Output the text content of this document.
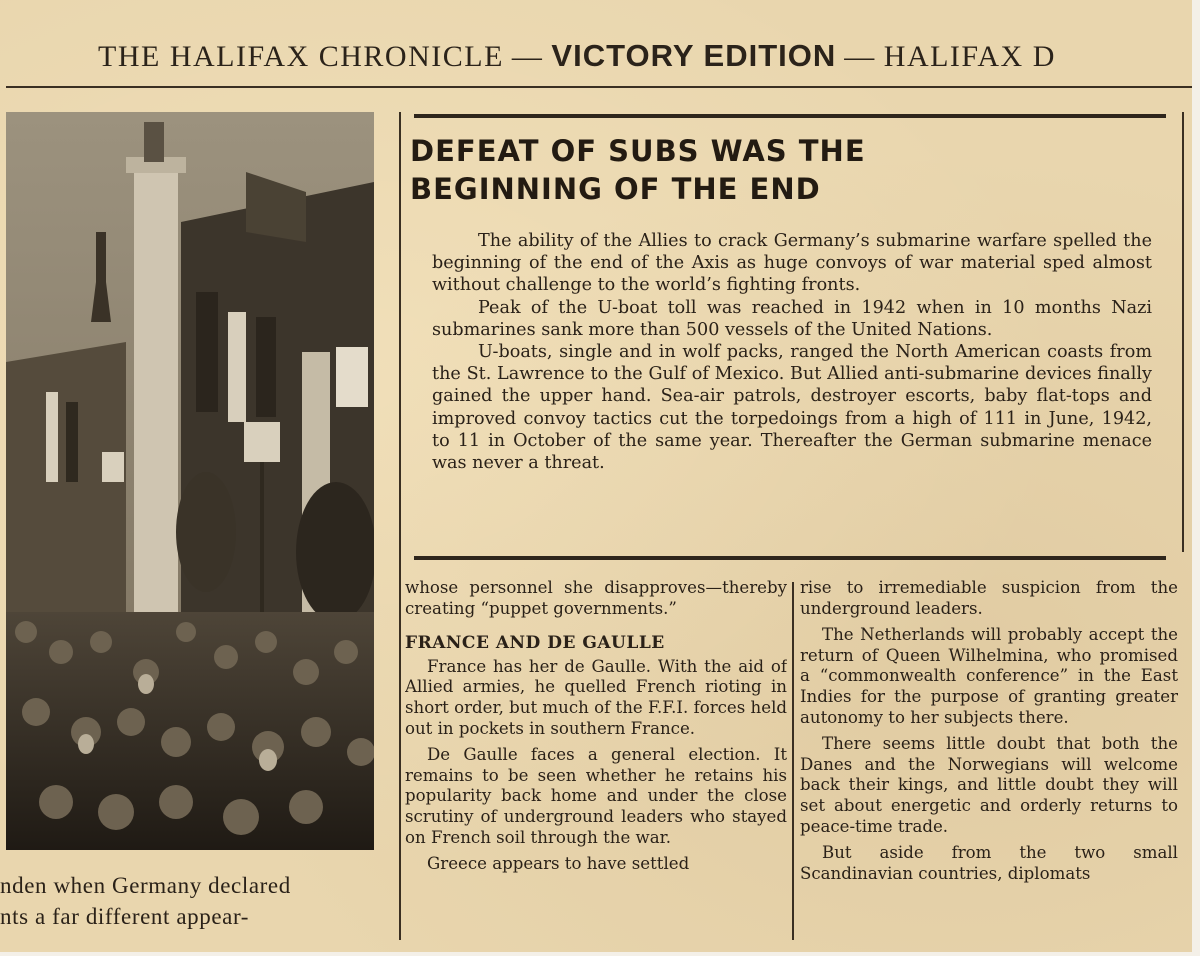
THE HALIFAX CHRONICLE — VICTORY EDITION — HALIFAX D
nden when Germany declared
nts a far different appear-
DEFEAT OF SUBS WAS THE
BEGINNING OF THE END

The ability of the Allies to crack Germany’s submarine warfare spelled the beginning of the end of the Axis as huge convoys of war material sped almost without challenge to the world’s fighting fronts.

Peak of the U-boat toll was reached in 1942 when in 10 months Nazi submarines sank more than 500 vessels of the United Nations.

U-boats, single and in wolf packs, ranged the North American coasts from the St. Lawrence to the Gulf of Mexico. But Allied anti-submarine devices finally gained the upper hand. Sea-air patrols, destroyer escorts, baby flat-tops and improved convoy tactics cut the torpedoings from a high of 111 in June, 1942, to 11 in October of the same year. Thereafter the German submarine menace was never a threat.

whose personnel she disapproves—thereby creating “puppet governments.”

FRANCE AND DE GAULLE

France has her de Gaulle. With the aid of Allied armies, he quelled French rioting in short order, but much of the F.F.I. forces held out in pockets in southern France.

De Gaulle faces a general election. It remains to be seen whether he retains his popularity back home and under the close scrutiny of underground leaders who stayed on French soil through the war.

Greece appears to have settled

rise to irremediable suspicion from the underground leaders.

The Netherlands will probably accept the return of Queen Wilhelmina, who promised a “commonwealth conference” in the East Indies for the purpose of granting greater autonomy to her subjects there.

There seems little doubt that both the Danes and the Norwegians will welcome back their kings, and little doubt they will set about energetic and orderly returns to peace-time trade.

But aside from the two small Scandinavian countries, diplomats
